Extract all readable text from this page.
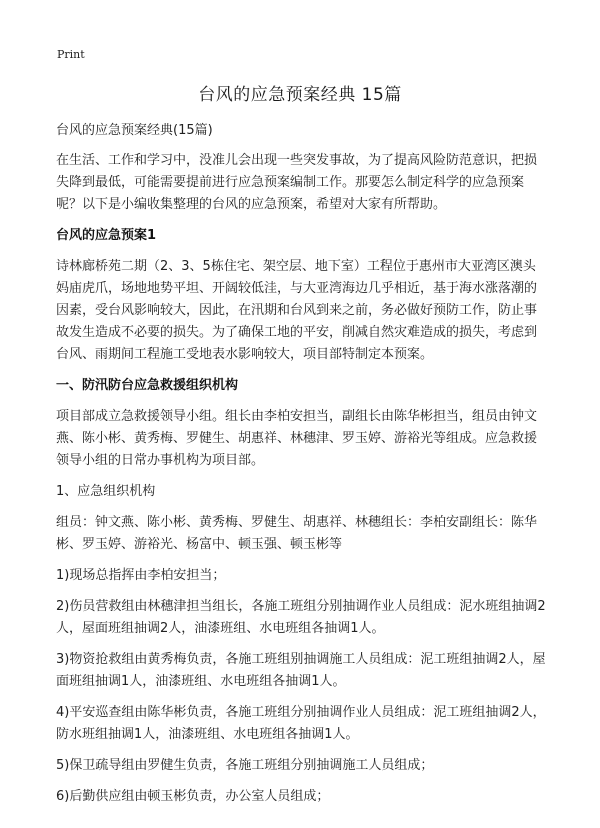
Print
台风的应急预案经典 15篇

台风的应急预案经典(15篇)

在生活、工作和学习中，没准儿会出现一些突发事故，为了提高风险防范意识，把损失降到最低，可能需要提前进行应急预案编制工作。那要怎么制定科学的应急预案呢？以下是小编收集整理的台风的应急预案，希望对大家有所帮助。

台风的应急预案1

诗林廊桥苑二期（2、3、5栋住宅、架空层、地下室）工程位于惠州市大亚湾区澳头妈庙虎爪，场地地势平坦、开阔较低洼，与大亚湾海边几乎相近，基于海水涨落潮的因素，受台风影响较大，因此，在汛期和台风到来之前，务必做好预防工作，防止事故发生造成不必要的损失。为了确保工地的平安，削减自然灾难造成的损失，考虑到台风、雨期间工程施工受地表水影响较大，项目部特制定本预案。

一、防汛防台应急救援组织机构

项目部成立急救援领导小组。组长由李柏安担当，副组长由陈华彬担当，组员由钟文燕、陈小彬、黄秀梅、罗健生、胡惠祥、林穗津、罗玉婷、游裕光等组成。应急救援领导小组的日常办事机构为项目部。

1、应急组织机构

组员：钟文燕、陈小彬、黄秀梅、罗健生、胡惠祥、林穗组长：李柏安副组长：陈华彬、罗玉婷、游裕光、杨富中、顿玉强、顿玉彬等

1)现场总指挥由李柏安担当；

2)伤员营救组由林穗津担当组长，各施工班组分别抽调作业人员组成：泥水班组抽调2人，屋面班组抽调2人，油漆班组、水电班组各抽调1人。

3)物资抢救组由黄秀梅负责，各施工班组别抽调施工人员组成：泥工班组抽调2人，屋面班组抽调1人，油漆班组、水电班组各抽调1人。

4)平安巡查组由陈华彬负责，各施工班组分别抽调作业人员组成：泥工班组抽调2人，防水班组抽调1人，油漆班组、水电班组各抽调1人。

5)保卫疏导组由罗健生负责，各施工班组分别抽调施工人员组成；

6)后勤供应组由顿玉彬负责，办公室人员组成；
